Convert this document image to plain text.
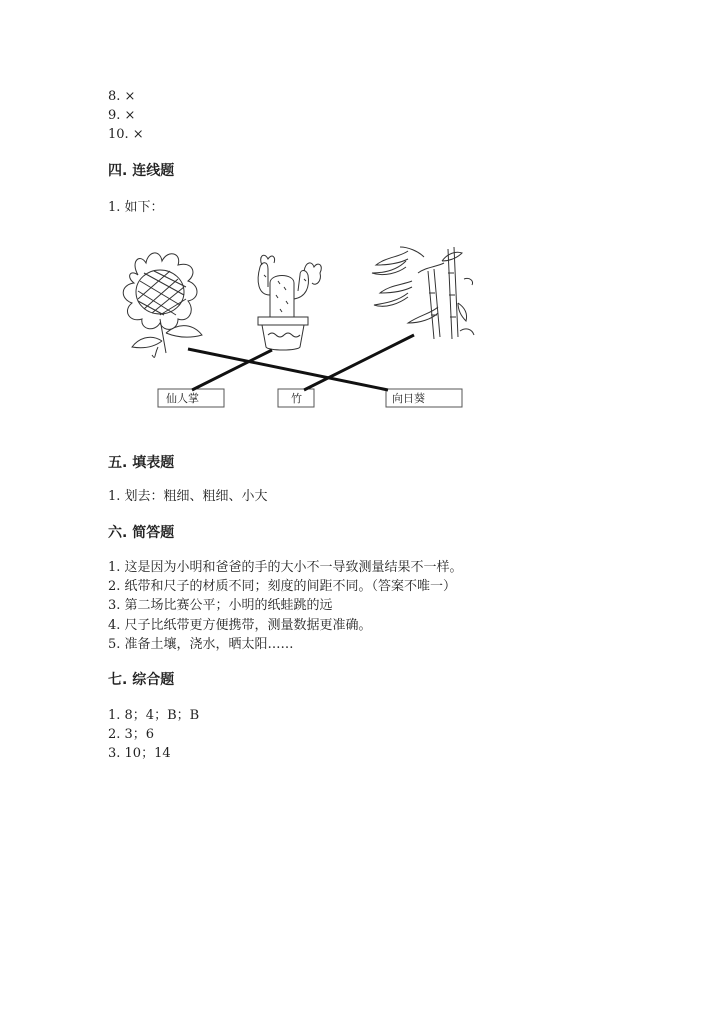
8. ×
9. ×
10. ×
四. 连线题
1. 如下：
仙人掌	竹	向日葵
五. 填表题
1. 划去：粗细、粗细、小大
六. 简答题
1. 这是因为小明和爸爸的手的大小不一导致测量结果不一样。
2. 纸带和尺子的材质不同；刻度的间距不同。（答案不唯一）
3. 第二场比赛公平；小明的纸蛙跳的远
4. 尺子比纸带更方便携带，测量数据更准确。
5. 准备土壤，浇水，晒太阳……
七. 综合题
1. 8；4；B；B
2. 3；6
3. 10；14
